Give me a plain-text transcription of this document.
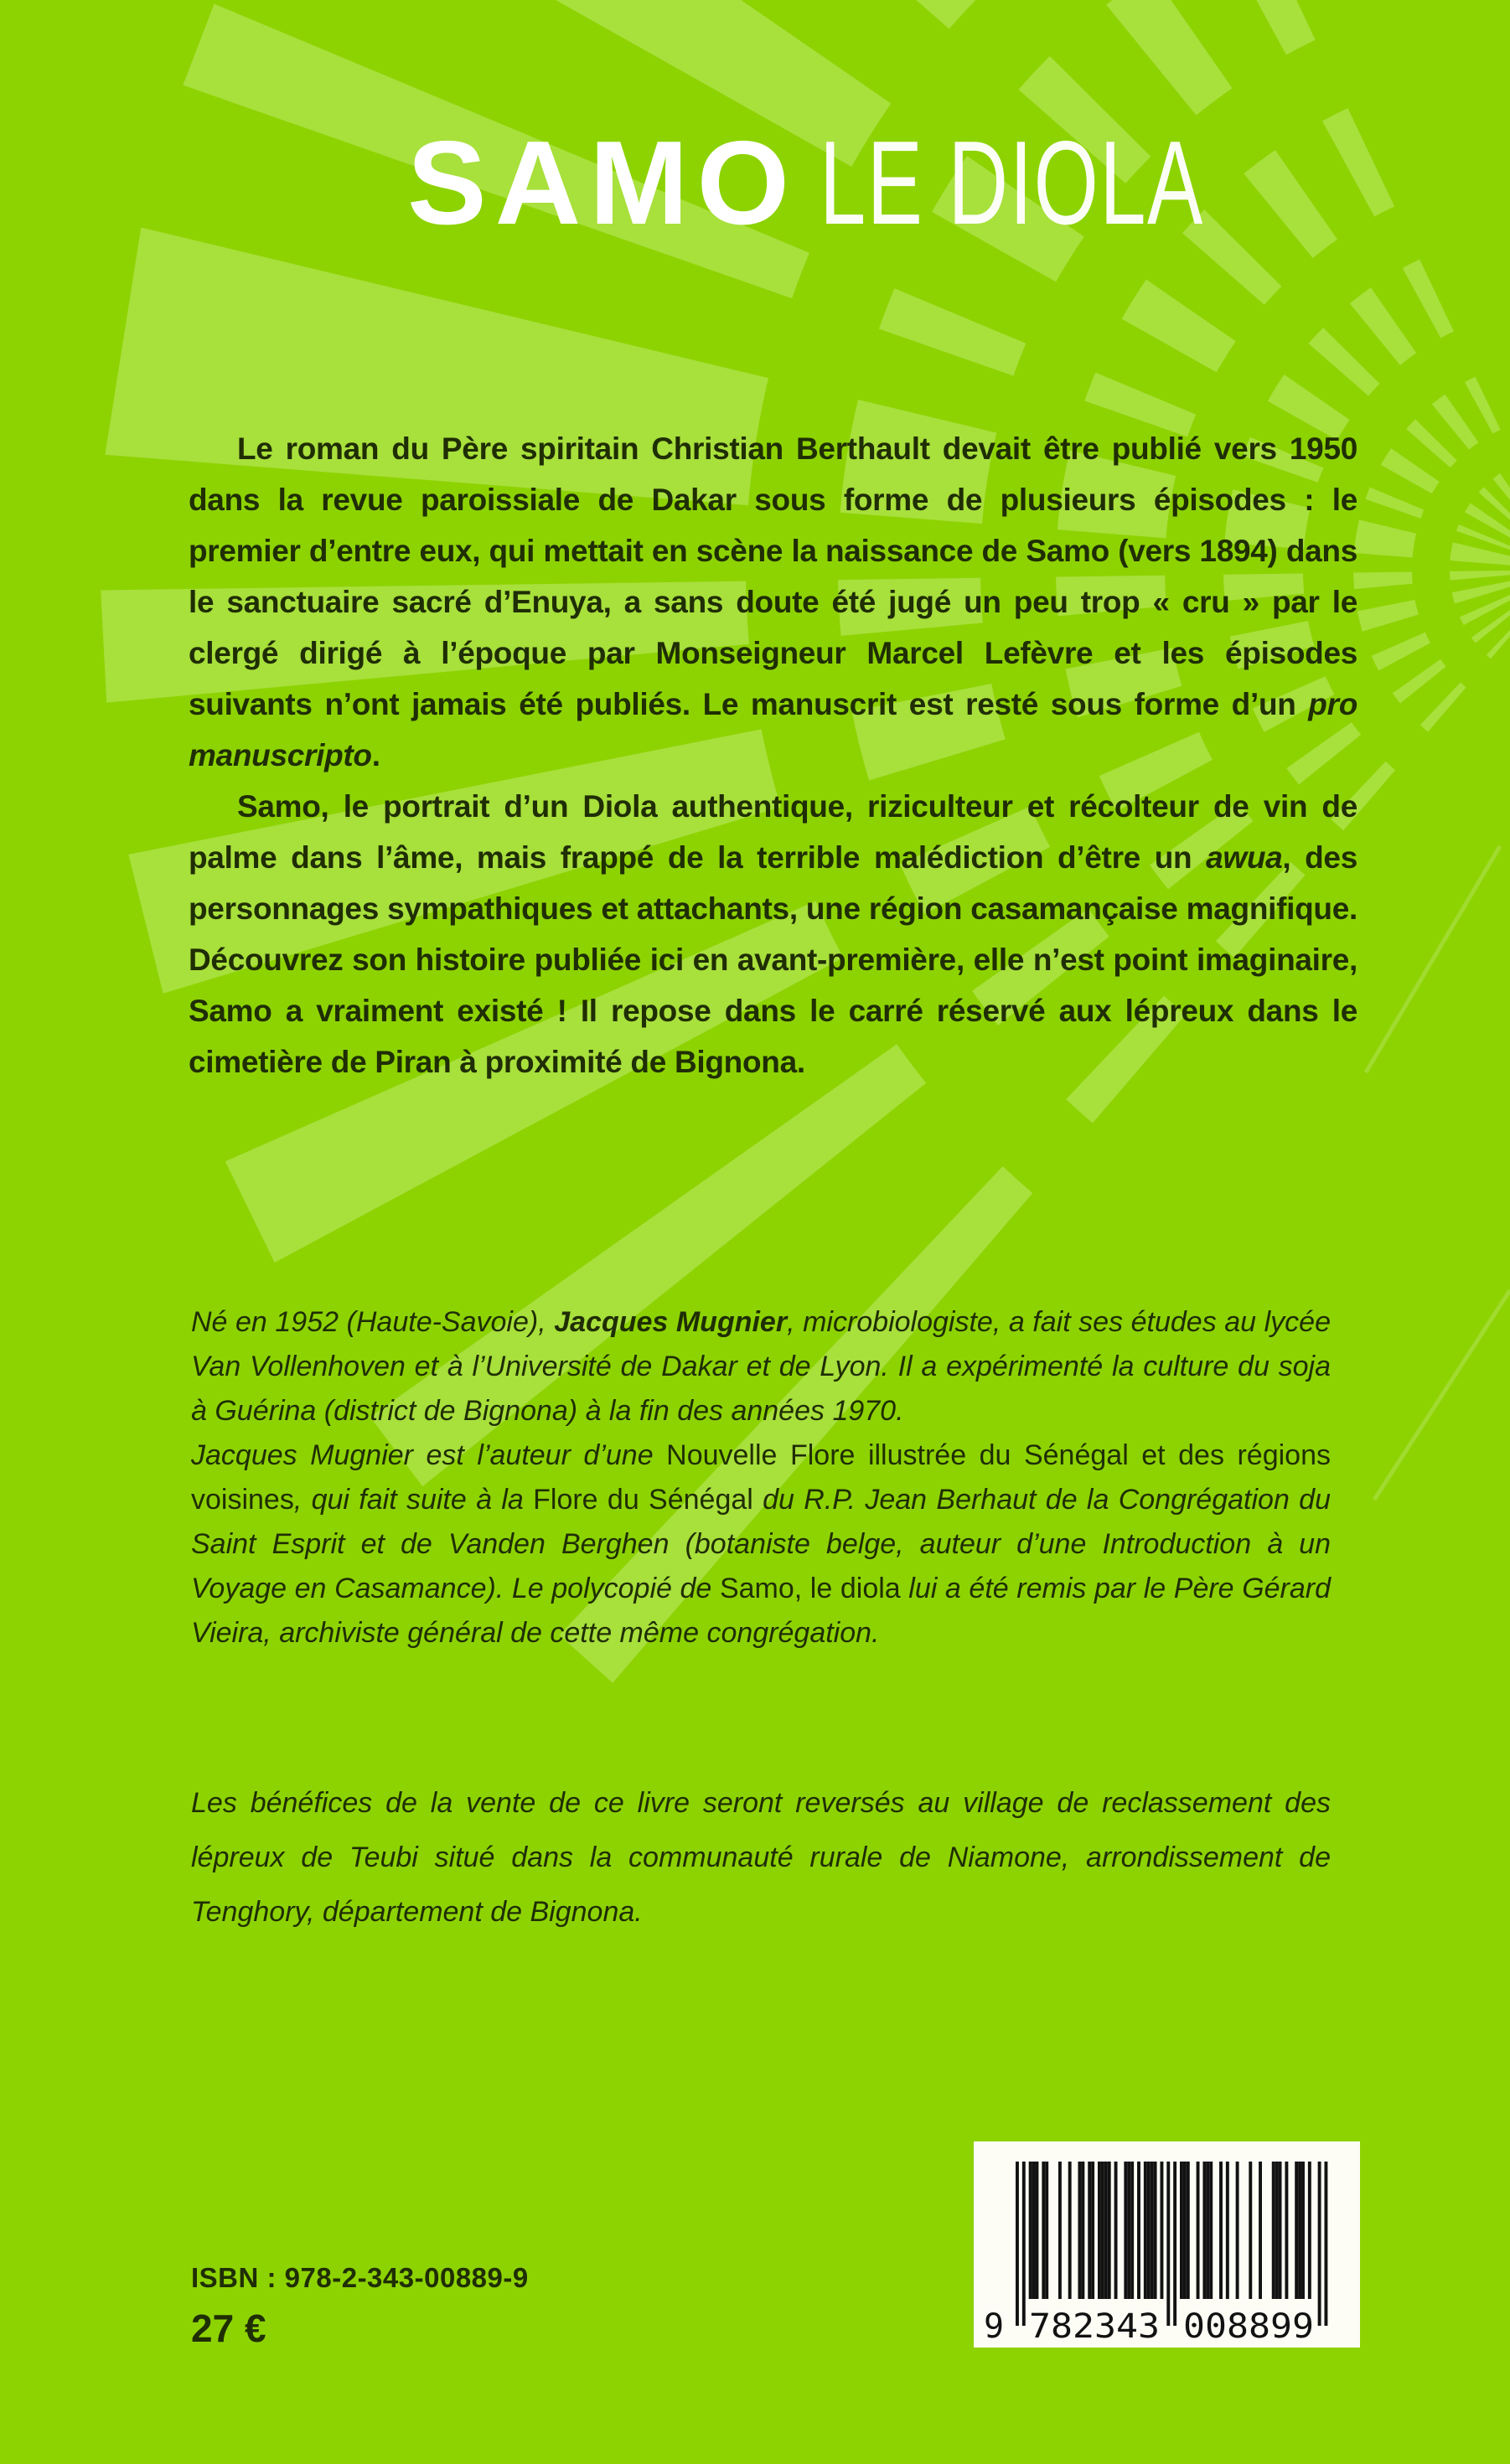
SAMO LE DIOLA

Le roman du Père spiritain Christian Berthault devait être publié vers 1950 dans la revue paroissiale de Dakar sous forme de plusieurs épisodes : le premier d’entre eux, qui mettait en scène la naissance de Samo (vers 1894) dans le sanctuaire sacré d’Enuya, a sans doute été jugé un peu trop « cru » par le clergé dirigé à l’époque par Monseigneur Marcel Lefèvre et les épisodes suivants n’ont jamais été publiés. Le manuscrit est resté sous forme d’un pro manuscripto.

Samo, le portrait d’un Diola authentique, riziculteur et récolteur de vin de palme dans l’âme, mais frappé de la terrible malédiction d’être un awua, des personnages sympathiques et attachants, une région casamançaise magnifique. Découvrez son histoire publiée ici en avant-première, elle n’est point imaginaire, Samo a vraiment existé ! Il repose dans le carré réservé aux lépreux dans le cimetière de Piran à proximité de Bignona.

Né en 1952 (Haute-Savoie), Jacques Mugnier, microbiologiste, a fait ses études au lycée Van Vollenhoven et à l’Université de Dakar et de Lyon. Il a expérimenté la culture du soja à Guérina (district de Bignona) à la fin des années 1970.

Jacques Mugnier est l’auteur d’une Nouvelle Flore illustrée du Sénégal et des régions voisines, qui fait suite à la Flore du Sénégal du R.P. Jean Berhaut de la Congrégation du Saint Esprit et de Vanden Berghen (botaniste belge, auteur d’une Introduction à un Voyage en Casamance). Le polycopié de Samo, le diola lui a été remis par le Père Gérard Vieira, archiviste général de cette même congrégation.

Les bénéfices de la vente de ce livre seront reversés au village de reclassement des lépreux de Teubi situé dans la communauté rurale de Niamone, arrondissement de Tenghory, département de Bignona.

ISBN : 978-2-343-00889-9
27 €	9 782343 008899
